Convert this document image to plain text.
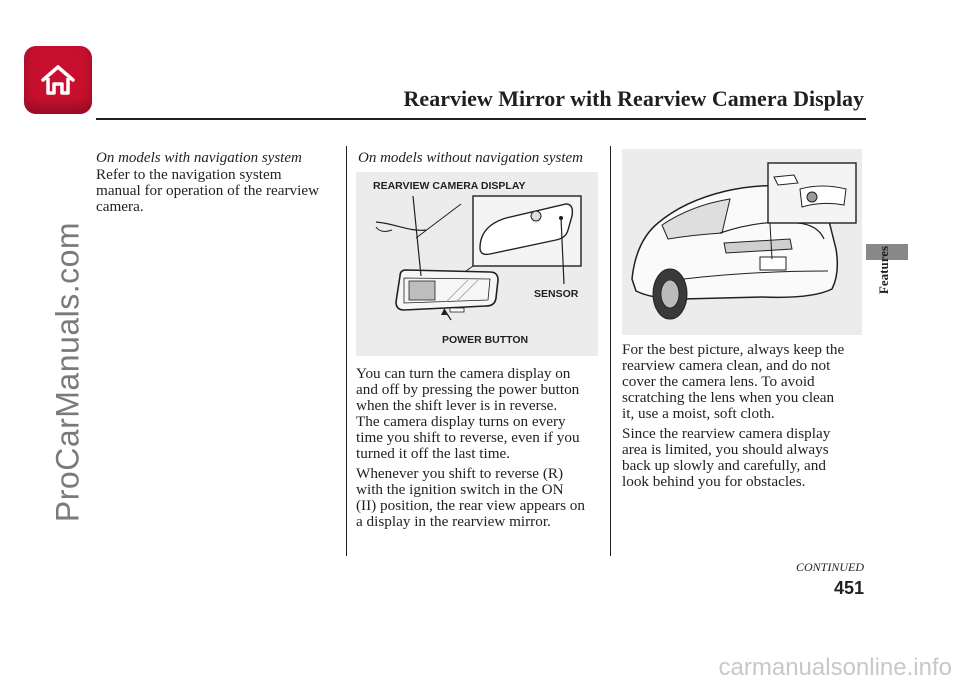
ProCarManuals.com
Rearview Mirror with Rearview Camera Display
On models with navigation system
Refer to the navigation system
manual for operation of the rearview
camera.
On models without navigation system
REARVIEW CAMERA DISPLAY
SENSOR
POWER BUTTON
You can turn the camera display on
and off by pressing the power button
when the shift lever is in reverse.
The camera display turns on every
time you shift to reverse, even if you
turned it off the last time.
Whenever you shift to reverse (R)
with the ignition switch in the ON
(II) position, the rear view appears on
a display in the rearview mirror.
For the best picture, always keep the
rearview camera clean, and do not
cover the camera lens. To avoid
scratching the lens when you clean
it, use a moist, soft cloth.
Since the rearview camera display
area is limited, you should always
back up slowly and carefully, and
look behind you for obstacles.
Features
CONTINUED
451
carmanualsonline.info
